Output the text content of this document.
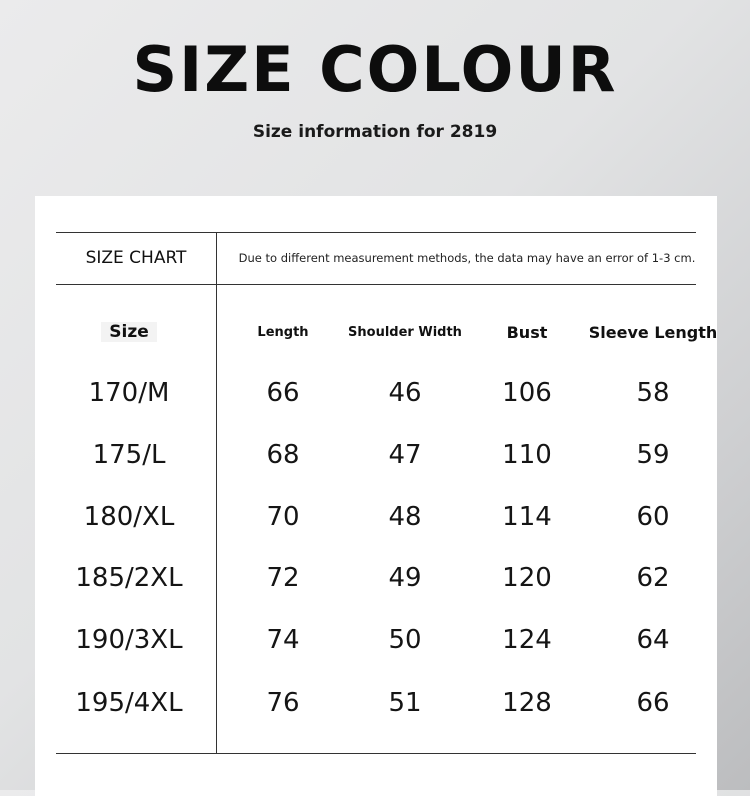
SIZE COLOUR
Size information for 2819
SIZE CHART	Due to different measurement methods, the data may have an error of 1-3 cm.
Size	Length	Shoulder Width	Bust	Sleeve Length
170/M	66	46	106	58
175/L	68	47	110	59
180/XL	70	48	114	60
185/2XL	72	49	120	62
190/3XL	74	50	124	64
195/4XL	76	51	128	66
